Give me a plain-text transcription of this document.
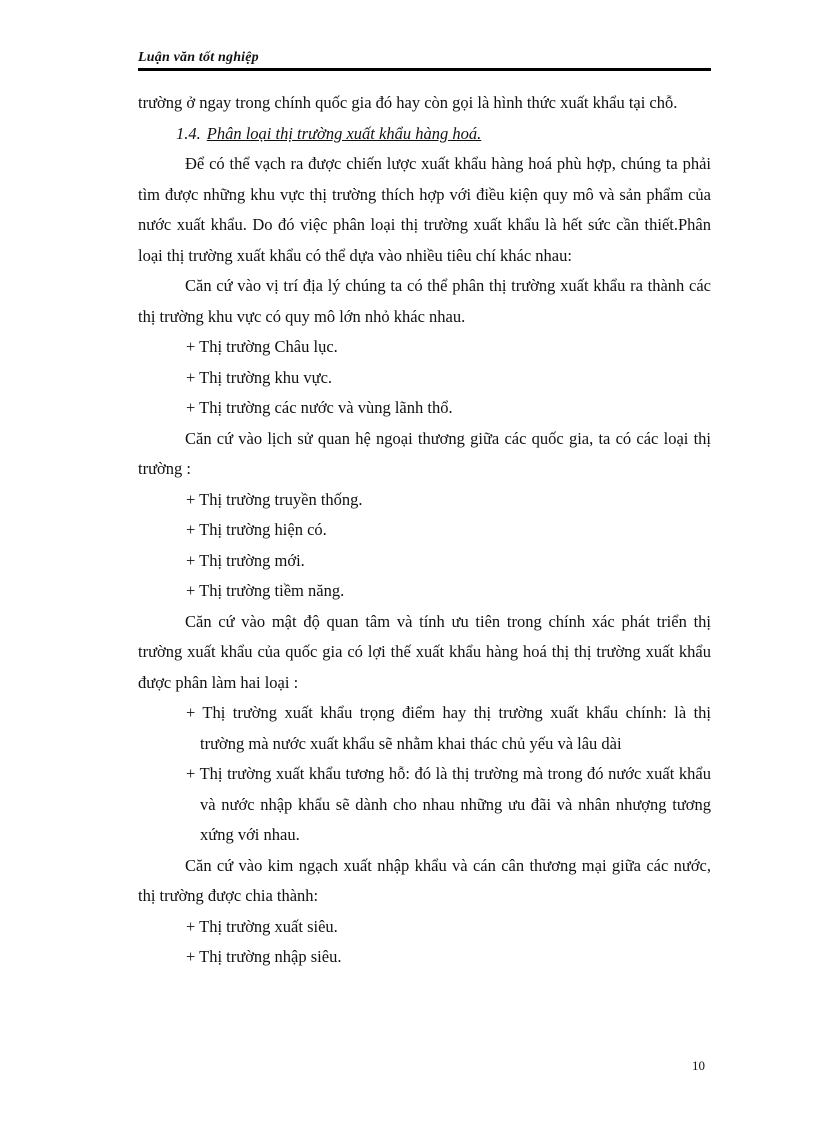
Luận văn tốt nghiệp

trường ở ngay trong chính quốc gia đó hay còn gọi là hình thức xuất khẩu tại chỗ.

1.4. Phân loại thị trường xuất khẩu hàng hoá.

Để có thể vạch ra được chiến lược xuất khẩu hàng hoá phù hợp, chúng ta phải tìm được những khu vực thị trường thích hợp với điều kiện quy mô và sản phẩm của nước xuất khẩu. Do đó việc phân loại thị trường xuất khẩu là hết sức cần thiết.Phân loại thị trường xuất khẩu có thể dựa vào nhiều tiêu chí khác nhau:

Căn cứ vào vị trí địa lý chúng ta có thể phân thị trường xuất khẩu ra thành các thị trường khu vực có quy mô lớn nhỏ khác nhau.

+ Thị trường Châu lục.

+ Thị trường khu vực.

+ Thị trường các nước và vùng lãnh thổ.

Căn cứ vào lịch sử quan hệ ngoại thương giữa các quốc gia, ta có các loại thị trường :

+ Thị trường truyền thống.

+ Thị trường hiện có.

+ Thị trường mới.

+ Thị trường tiềm năng.

Căn cứ vào mật độ quan tâm và tính ưu tiên trong chính xác phát triển thị trường xuất khẩu của quốc gia có lợi thế xuất khẩu hàng hoá thị thị trường xuất khẩu được phân làm hai loại :

+ Thị trường xuất khẩu trọng điểm hay thị trường xuất khẩu chính: là thị trường mà nước xuất khẩu sẽ nhằm khai thác chủ yếu và lâu dài

+ Thị trường xuất khẩu tương hỗ: đó là thị trường mà trong đó nước xuất khẩu và nước nhập khẩu sẽ dành cho nhau những ưu đãi và nhân nhượng tương xứng với nhau.

Căn cứ vào kim ngạch xuất nhập khẩu và cán cân thương mại giữa các nước, thị trường được chia thành:

+ Thị trường xuất siêu.

+ Thị trường nhập siêu.

10
